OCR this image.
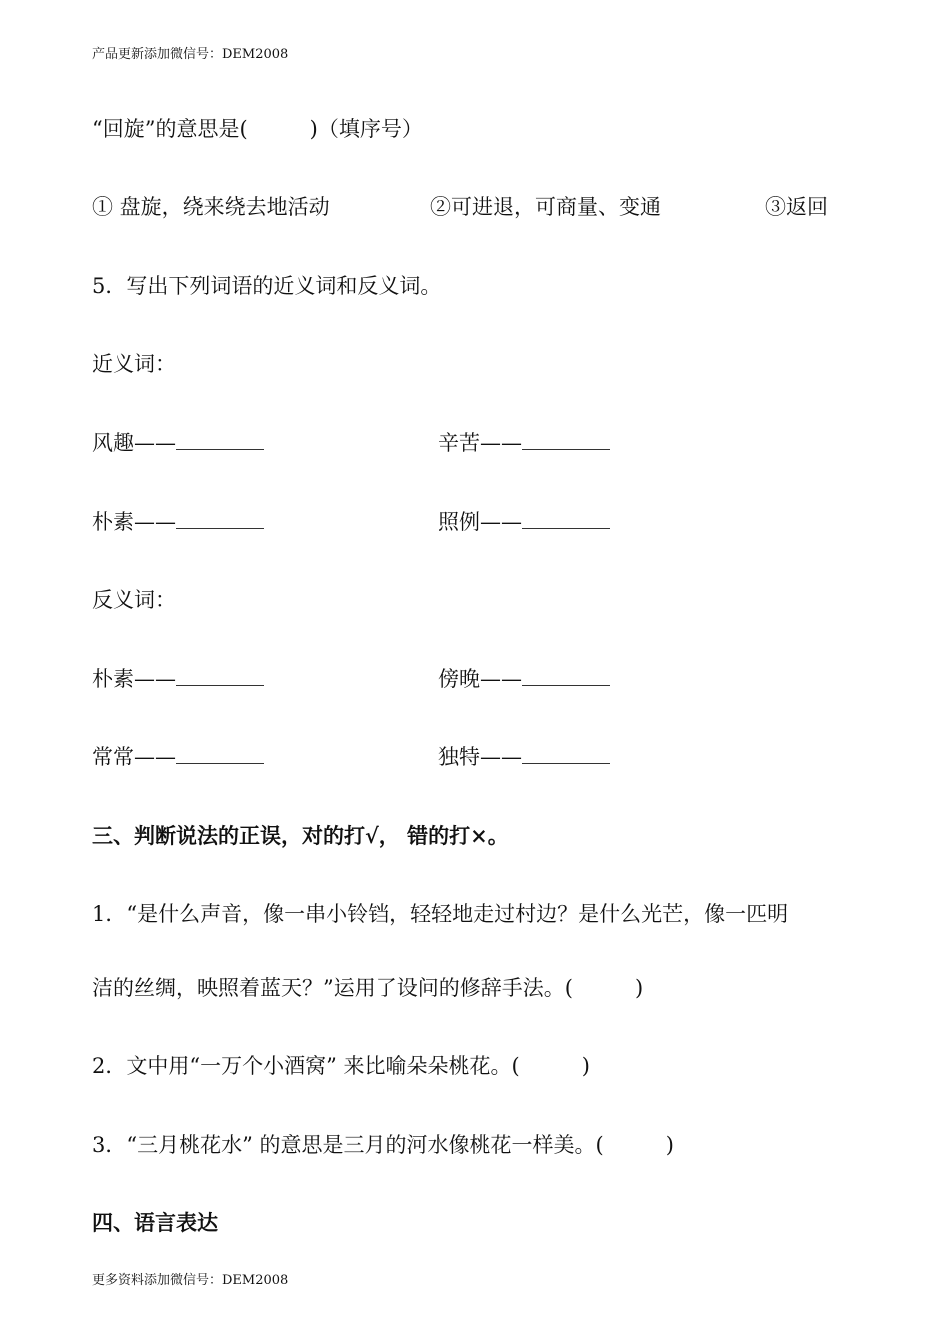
产品更新添加微信号：DEM2008
“回旋”的意思是(	)（填序号）
① 盘旋，绕来绕去地活动	②可进退，可商量、变通	③返回
5．写出下列词语的近义词和反义词。
近义词：
风趣——	辛苦——
朴素——	照例——
反义词：
朴素——	傍晚——
常常——	独特——
三、判断说法的正误，对的打√， 错的打×。
1．“是什么声音，像一串小铃铛，轻轻地走过村边？是什么光芒，像一匹明
洁的丝绸，映照着蓝天？”运用了设问的修辞手法。(	)
2．文中用“一万个小酒窝” 来比喻朵朵桃花。(	)
3．“三月桃花水” 的意思是三月的河水像桃花一样美。(	)
四、语言表达
更多资料添加微信号：DEM2008
